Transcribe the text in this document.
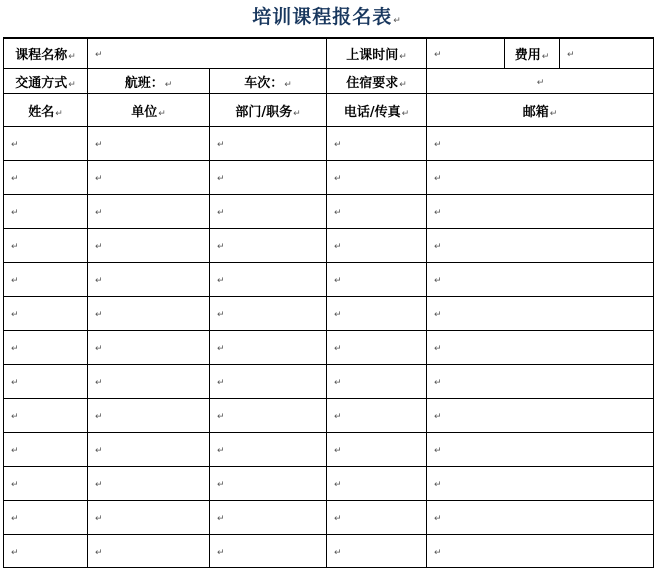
培训课程报名表↵
课程名称↵	↵		上课时间↵	↵	费用↵	↵
交通方式↵	航班：↵	车次：↵	住宿要求↵	↵		
姓名↵	单位↵	部门/职务↵	电话/传真↵	邮箱↵		
↵	↵	↵	↵	↵		
↵	↵	↵	↵	↵		
↵	↵	↵	↵	↵		
↵	↵	↵	↵	↵		
↵	↵	↵	↵	↵		
↵	↵	↵	↵	↵		
↵	↵	↵	↵	↵		
↵	↵	↵	↵	↵		
↵	↵	↵	↵	↵		
↵	↵	↵	↵	↵		
↵	↵	↵	↵	↵		
↵	↵	↵	↵	↵		
↵	↵	↵	↵	↵		
